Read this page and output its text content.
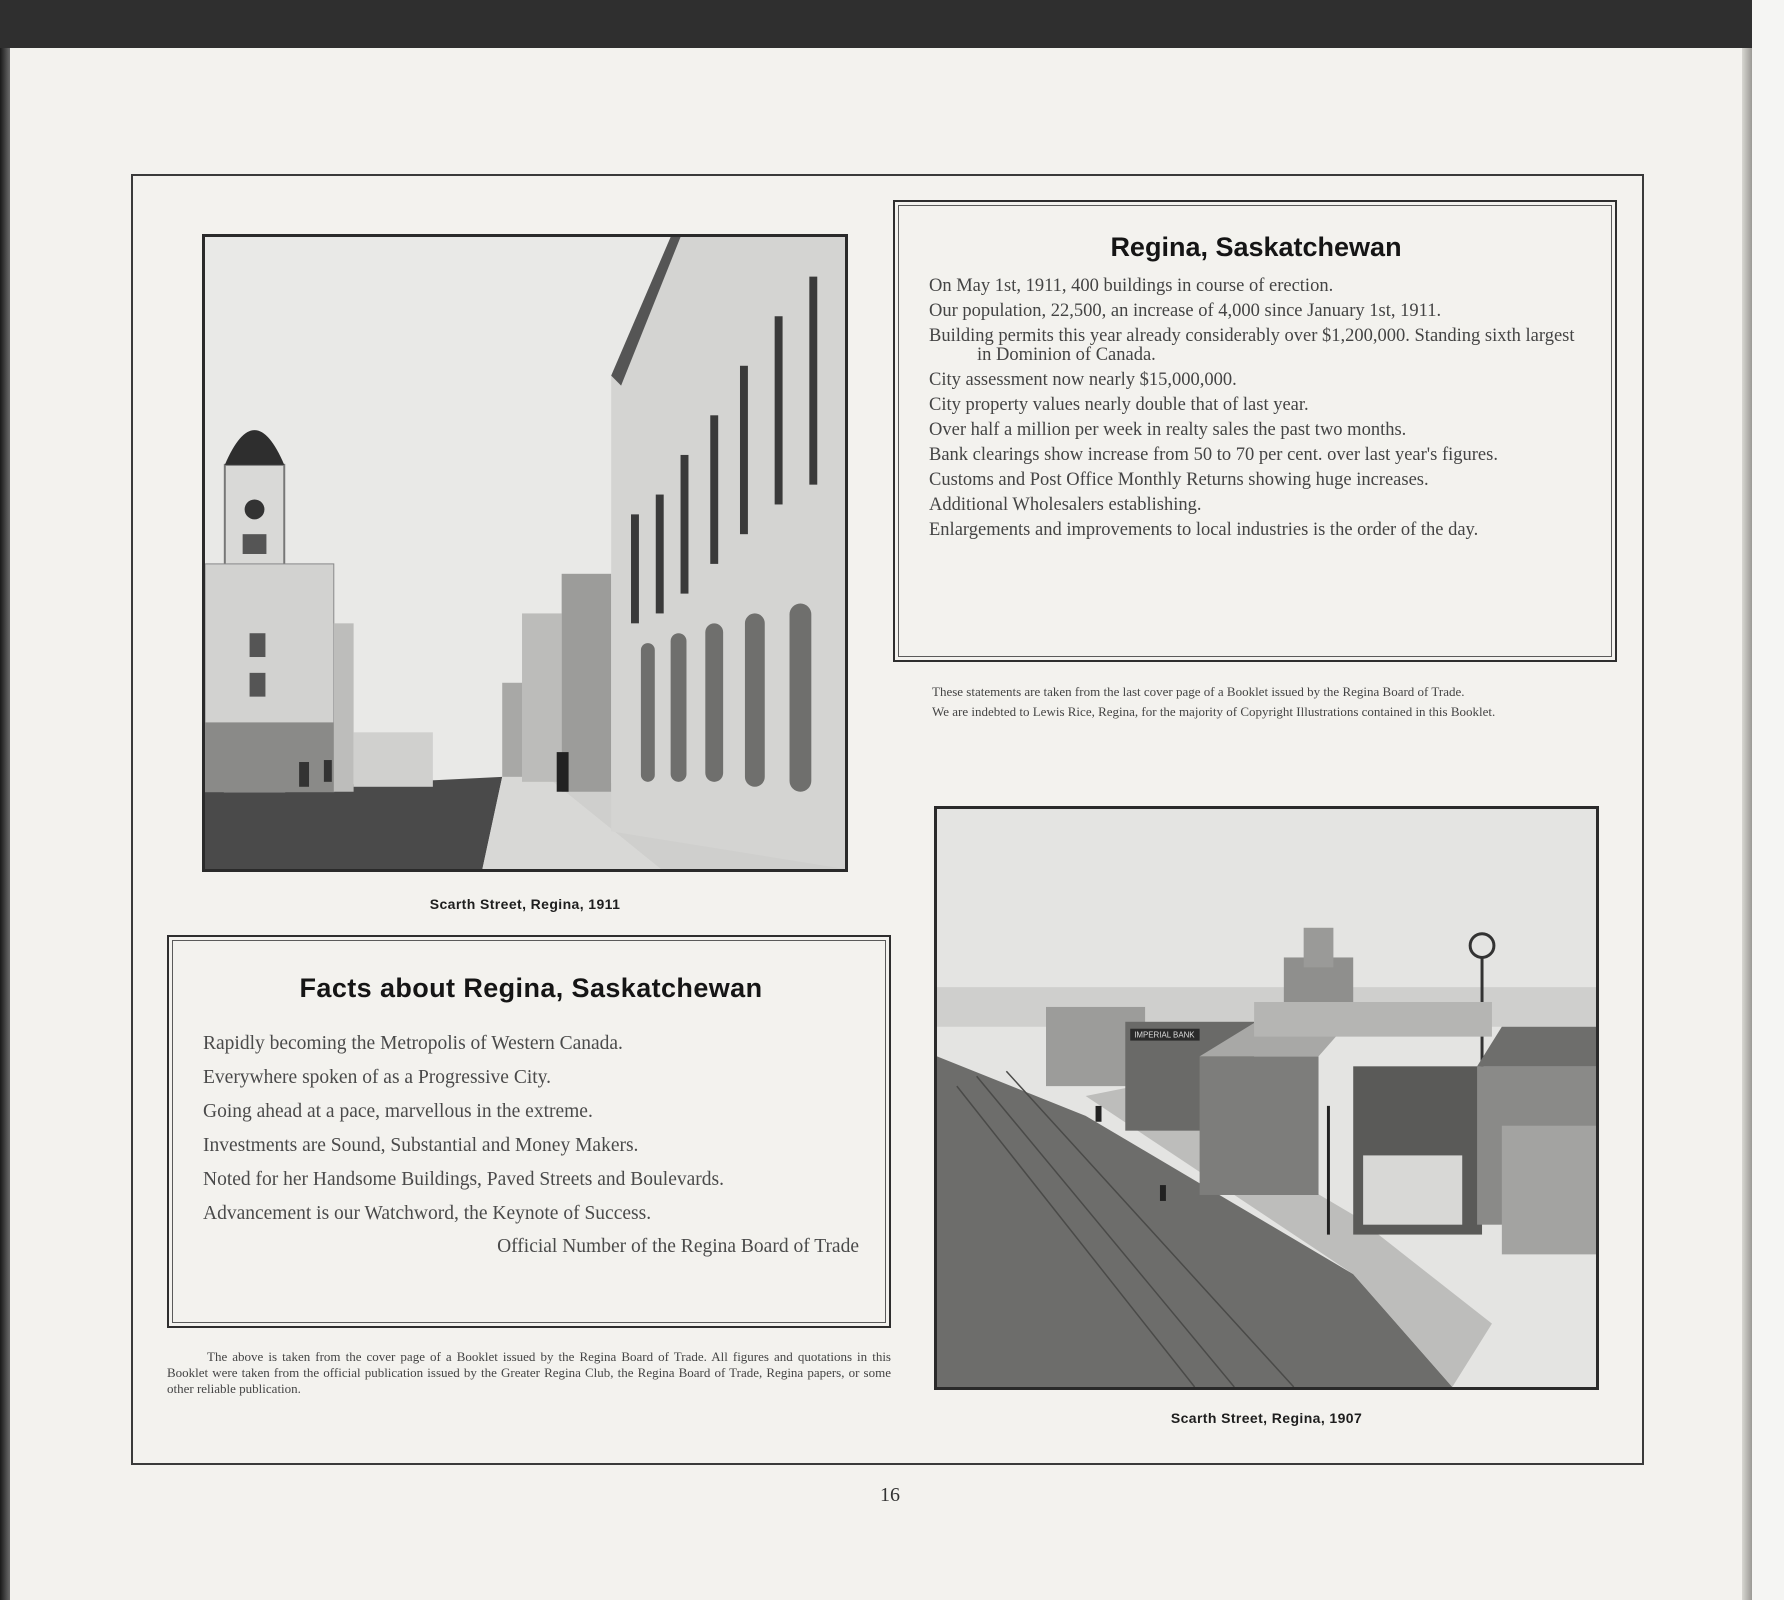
Scarth Street, Regina, 1911
Regina, Saskatchewan
On May 1st, 1911, 400 buildings in course of erection.
Our population, 22,500, an increase of 4,000 since January 1st, 1911.
Building permits this year already considerably over $1,200,000. Standing sixth largest in Dominion of Canada.
City assessment now nearly $15,000,000.
City property values nearly double that of last year.
Over half a million per week in realty sales the past two months.
Bank clearings show increase from 50 to 70 per cent. over last year's figures.
Customs and Post Office Monthly Returns showing huge increases.
Additional Wholesalers establishing.
Enlargements and improvements to local industries is the order of the day.

These statements are taken from the last cover page of a Booklet issued by the Regina Board of Trade.

We are indebted to Lewis Rice, Regina, for the majority of Copyright Illustrations contained in this Booklet.

IMPERIAL BANK
Scarth Street, Regina, 1907
Facts about Regina, Saskatchewan
Rapidly becoming the Metropolis of Western Canada.
Everywhere spoken of as a Progressive City.
Going ahead at a pace, marvellous in the extreme.
Investments are Sound, Substantial and Money Makers.
Noted for her Handsome Buildings, Paved Streets and Boulevards.
Advancement is our Watchword, the Keynote of Success.
Official Number of the Regina Board of Trade

The above is taken from the cover page of a Booklet issued by the Regina Board of Trade. All figures and quotations in this Booklet were taken from the official publication issued by the Greater Regina Club, the Regina Board of Trade, Regina papers, or some other reliable publication.

16
